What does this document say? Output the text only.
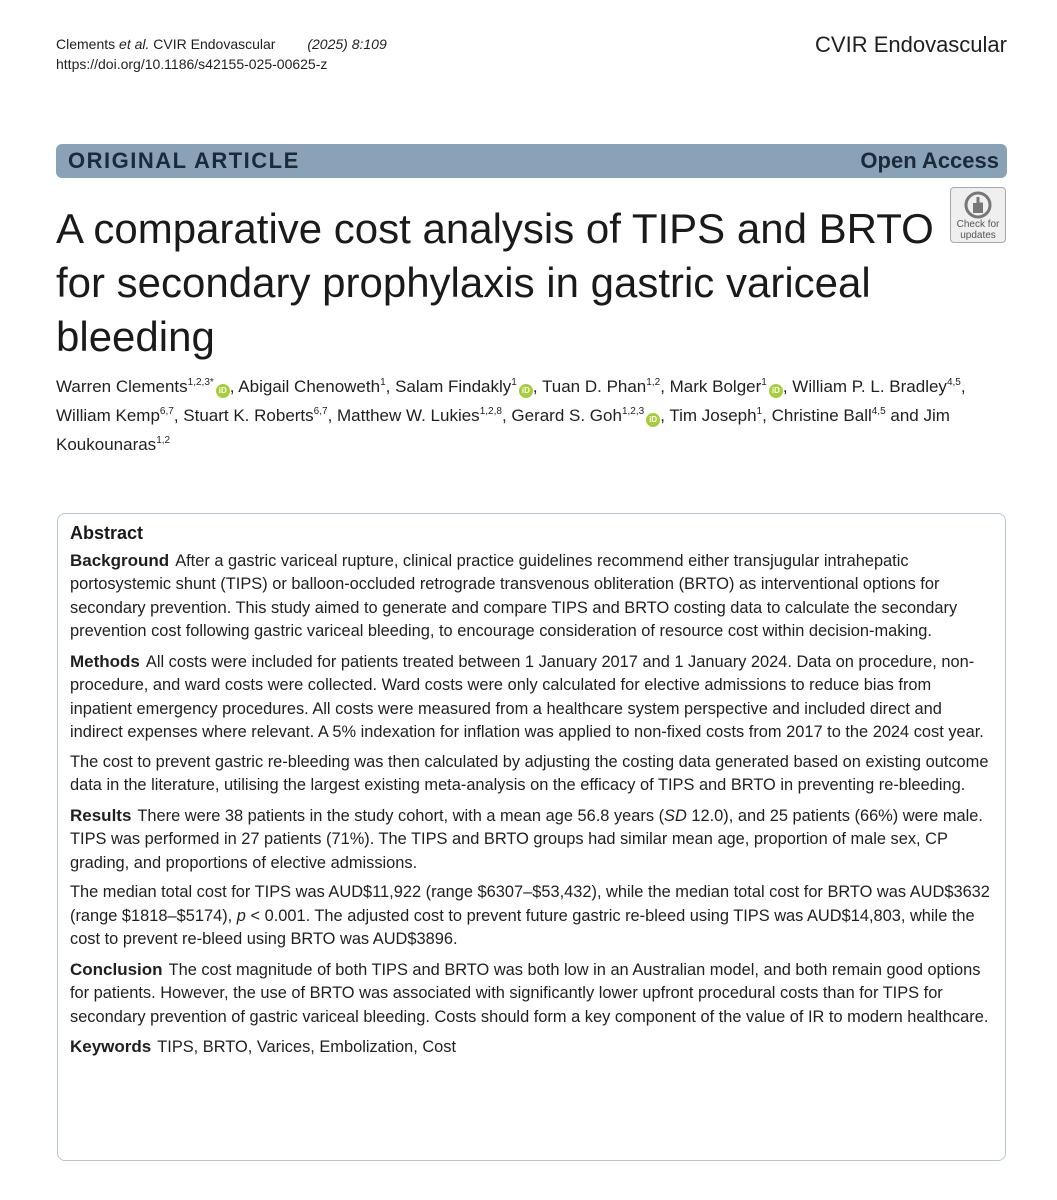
Clements et al. CVIR Endovascular (2025) 8:109
https://doi.org/10.1186/s42155-025-00625-z
CVIR Endovascular
ORIGINAL ARTICLE	Open Access
Check for
updates
A comparative cost analysis of TIPS and BRTO for secondary prophylaxis in gastric variceal bleeding
Warren Clements$^{1,2,3*}$iD , Abigail Chenoweth$^1$, Salam Findakly$^1$iD , Tuan D. Phan$^{1,2}$, Mark Bolger$^1$iD , William P. L. Bradley$^{4,5}$, William Kemp$^{6,7}$, Stuart K. Roberts$^{6,7}$, Matthew W. Lukies$^{1,2,8}$, Gerard S. Goh$^{1,2,3}$iD , Tim Joseph$^1$, Christine Ball$^{4,5}$ and Jim Koukounaras$^{1,2}$
Abstract

Background After a gastric variceal rupture, clinical practice guidelines recommend either transjugular intrahepatic portosystemic shunt (TIPS) or balloon-occluded retrograde transvenous obliteration (BRTO) as interventional options for secondary prevention. This study aimed to generate and compare TIPS and BRTO costing data to calculate the secondary prevention cost following gastric variceal bleeding, to encourage consideration of resource cost within decision-making.

Methods All costs were included for patients treated between 1 January 2017 and 1 January 2024. Data on procedure, non-procedure, and ward costs were collected. Ward costs were only calculated for elective admissions to reduce bias from inpatient emergency procedures. All costs were measured from a healthcare system perspective and included direct and indirect expenses where relevant. A 5% indexation for inflation was applied to non-fixed costs from 2017 to the 2024 cost year.

The cost to prevent gastric re-bleeding was then calculated by adjusting the costing data generated based on existing outcome data in the literature, utilising the largest existing meta-analysis on the efficacy of TIPS and BRTO in preventing re-bleeding.

Results There were 38 patients in the study cohort, with a mean age 56.8 years (SD 12.0), and 25 patients (66%) were male. TIPS was performed in 27 patients (71%). The TIPS and BRTO groups had similar mean age, proportion of male sex, CP grading, and proportions of elective admissions.

The median total cost for TIPS was AUD$11,922 (range $6307–$53,432), while the median total cost for BRTO was AUD$3632 (range $1818–$5174), p < 0.001. The adjusted cost to prevent future gastric re-bleed using TIPS was AUD$14,803, while the cost to prevent re-bleed using BRTO was AUD$3896.

Conclusion The cost magnitude of both TIPS and BRTO was both low in an Australian model, and both remain good options for patients. However, the use of BRTO was associated with significantly lower upfront procedural costs than for TIPS for secondary prevention of gastric variceal bleeding. Costs should form a key component of the value of IR to modern healthcare.

Keywords TIPS, BRTO, Varices, Embolization, Cost
